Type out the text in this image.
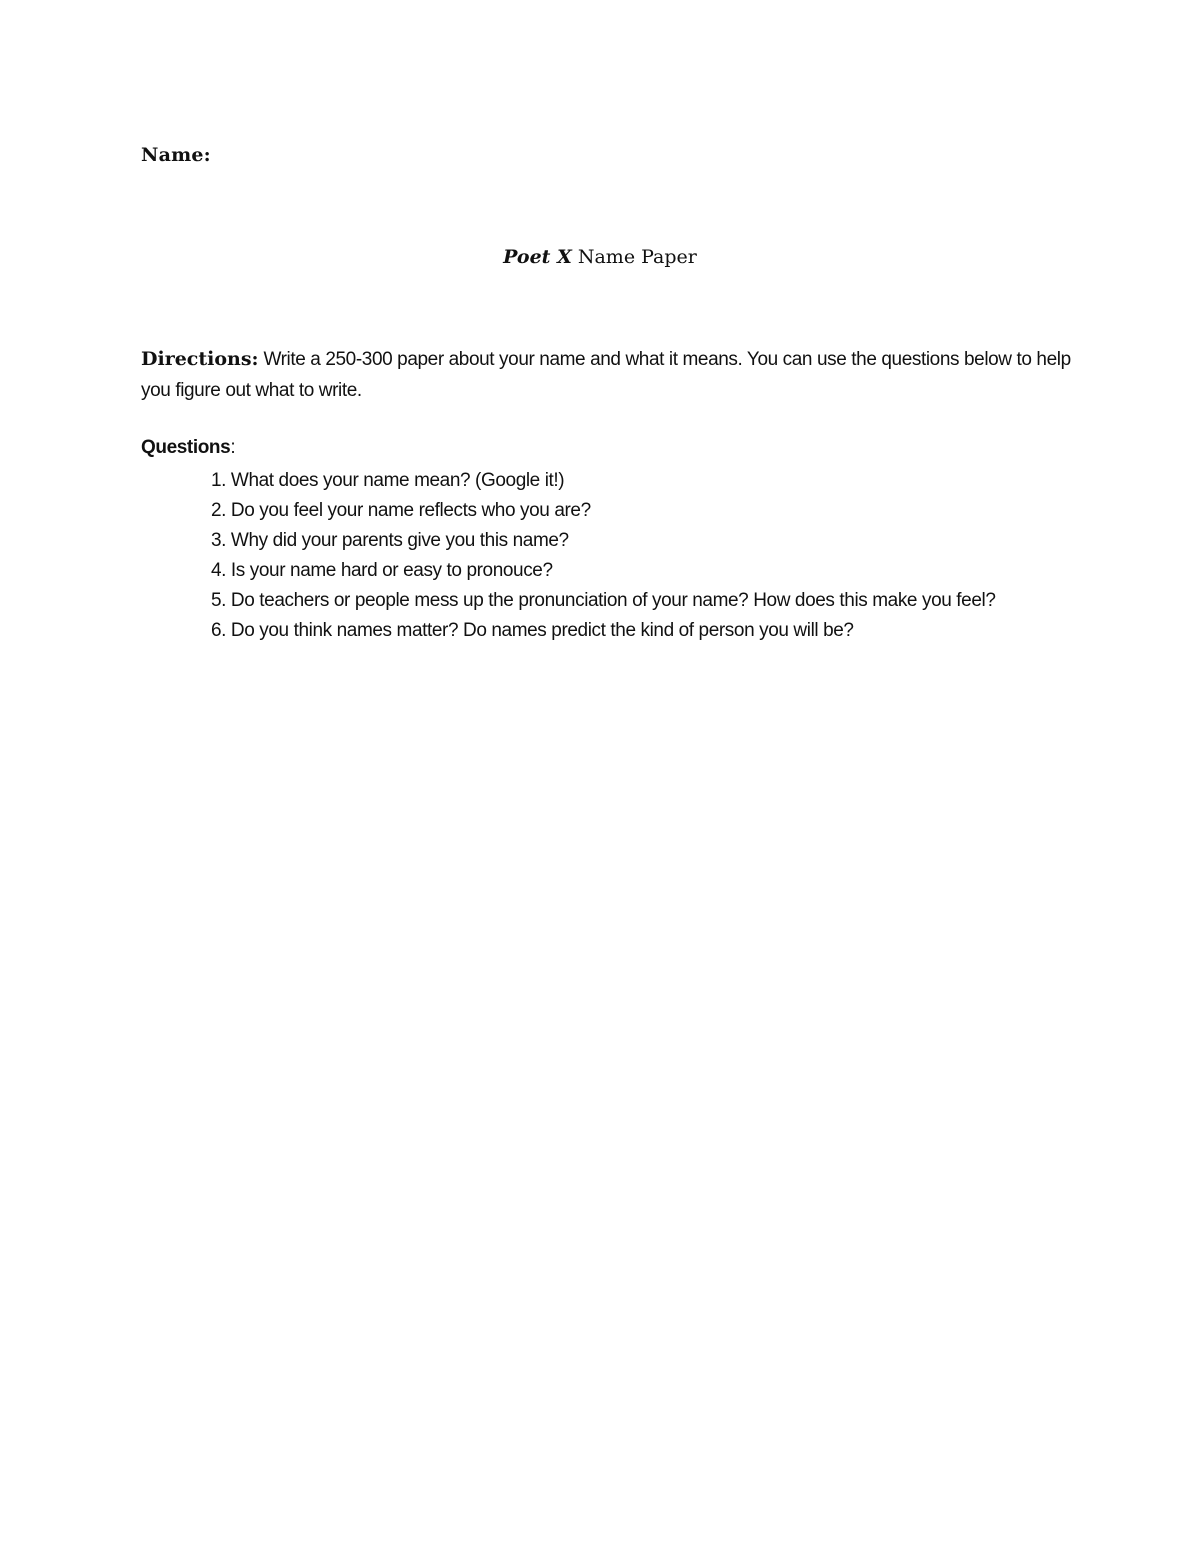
Name:
Poet X Name Paper
Directions: Write a 250-300 paper about your name and what it means. You can use the questions below to help you figure out what to write.
Questions:
1. What does your name mean? (Google it!)
2. Do you feel your name reflects who you are?
3. Why did your parents give you this name?
4. Is your name hard or easy to pronouce?
5. Do teachers or people mess up the pronunciation of your name? How does this make you feel?
6. Do you think names matter? Do names predict the kind of person you will be?
